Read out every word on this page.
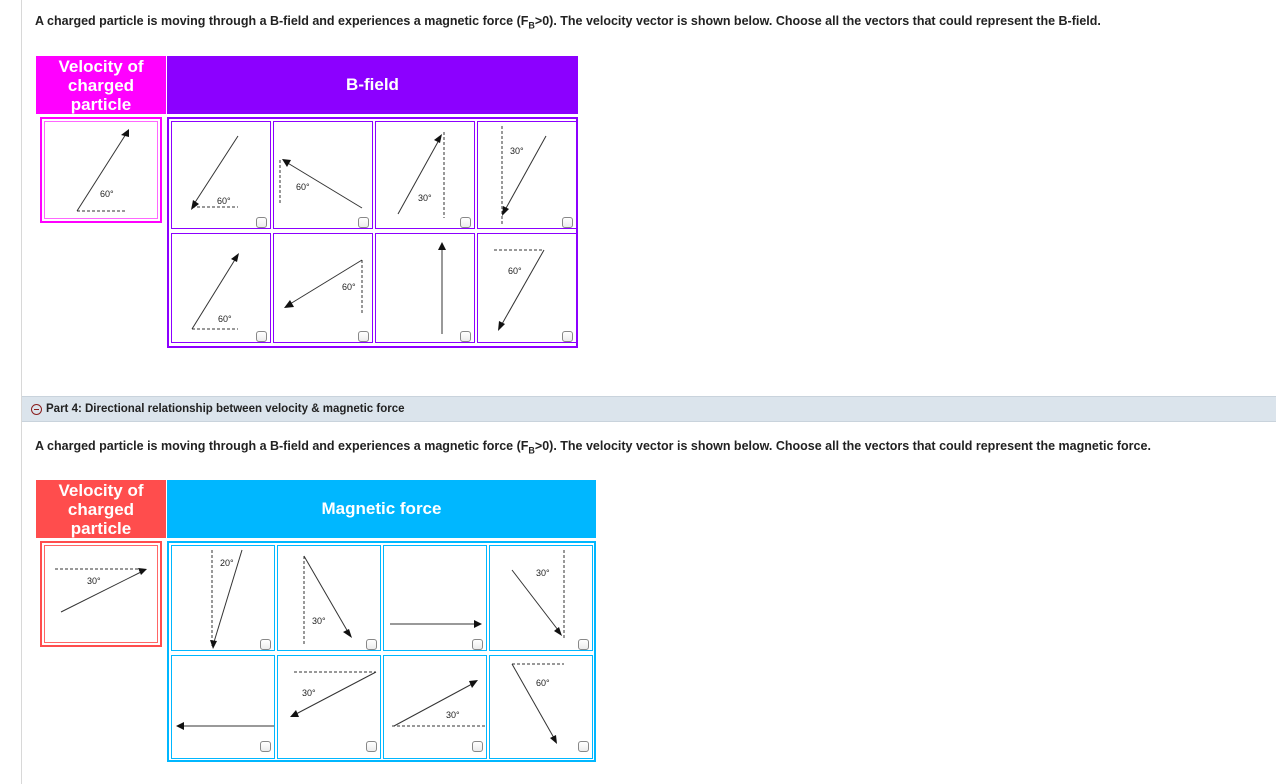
A charged particle is moving through a B-field and experiences a magnetic force $(F_B>0)$. The velocity vector is shown below. Choose all the vectors that could represent the B-field.
Velocity of
charged
particle
B-field
60°
60°
60°
30°
30°
60°
60°
60°
Part 4: Directional relationship between velocity & magnetic force
A charged particle is moving through a B-field and experiences a magnetic force $(F_B>0)$. The velocity vector is shown below. Choose all the vectors that could represent the magnetic force.
Velocity of
charged
particle
Magnetic force
30°
20°
30°
30°
30°
30°
60°
